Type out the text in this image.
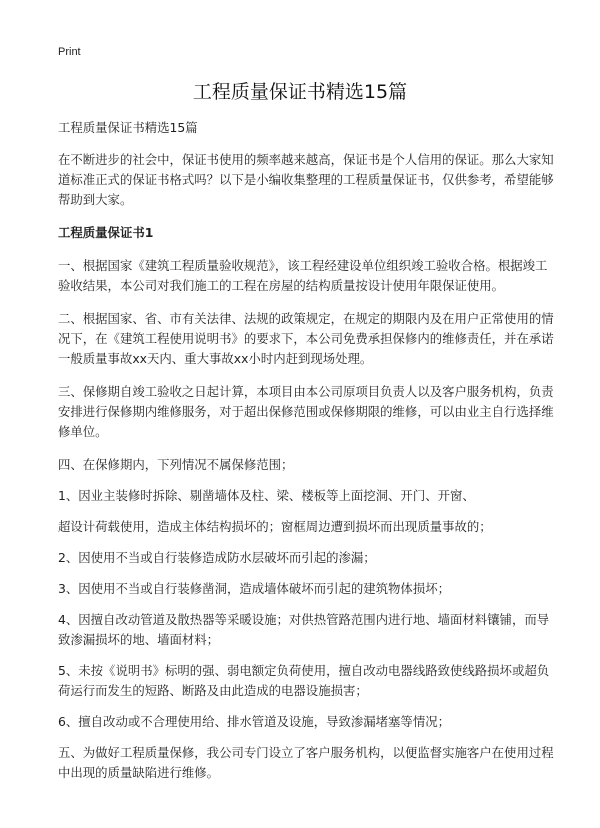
Print
工程质量保证书精选15篇

工程质量保证书精选15篇

在不断进步的社会中，保证书使用的频率越来越高，保证书是个人信用的保证。那么大家知道标准正式的保证书格式吗？以下是小编收集整理的工程质量保证书，仅供参考，希望能够帮助到大家。

工程质量保证书1

一、根据国家《建筑工程质量验收规范》，该工程经建设单位组织竣工验收合格。根据竣工验收结果，本公司对我们施工的工程在房屋的结构质量按设计使用年限保证使用。

二、根据国家、省、市有关法律、法规的政策规定，在规定的期限内及在用户正常使用的情况下，在《建筑工程使用说明书》的要求下，本公司免费承担保修内的维修责任，并在承诺一般质量事故xx天内、重大事故xx小时内赶到现场处理。

三、保修期自竣工验收之日起计算，本项目由本公司原项目负责人以及客户服务机构，负责安排进行保修期内维修服务，对于超出保修范围或保修期限的维修，可以由业主自行选择维修单位。

四、在保修期内，下列情况不属保修范围；

1、因业主装修时拆除、剔凿墙体及柱、梁、楼板等上面挖洞、开门、开窗、

超设计荷载使用，造成主体结构损坏的；窗框周边遭到损坏而出现质量事故的；

2、因使用不当或自行装修造成防水层破坏而引起的渗漏；

3、因使用不当或自行装修凿洞，造成墙体破坏而引起的建筑物体损坏；

4、因擅自改动管道及散热器等采暖设施；对供热管路范围内进行地、墙面材料镶铺，而导致渗漏损坏的地、墙面材料；

5、未按《说明书》标明的强、弱电额定负荷使用，擅自改动电器线路致使线路损坏或超负荷运行而发生的短路、断路及由此造成的电器设施损害；

6、擅自改动或不合理使用给、排水管道及设施，导致渗漏堵塞等情况；

五、为做好工程质量保修，我公司专门设立了客户服务机构，以便监督实施客户在使用过程中出现的质量缺陷进行维修。
